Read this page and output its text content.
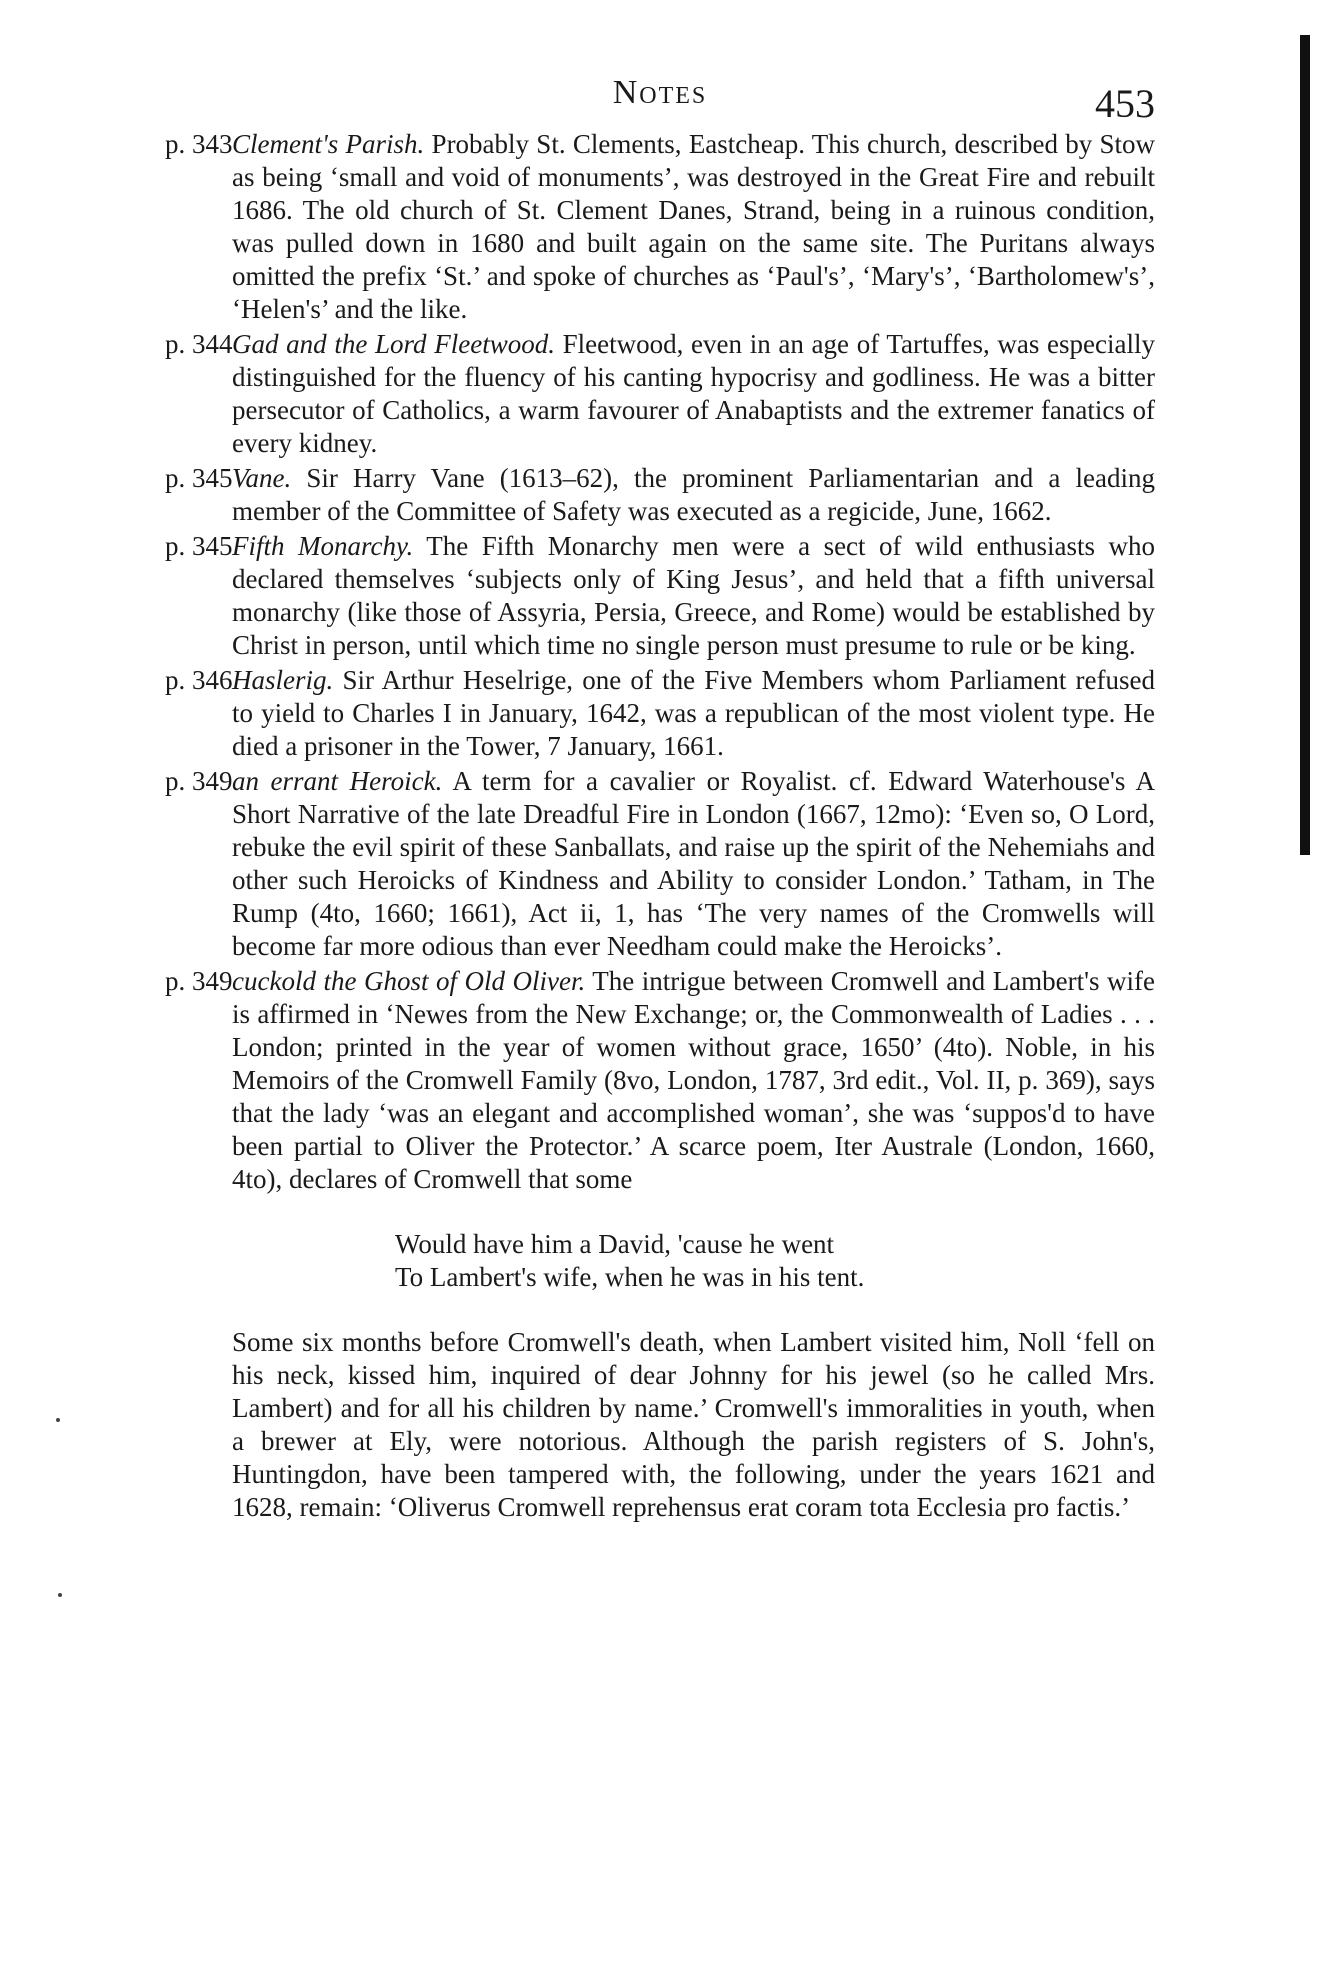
Notes	453
p. 343 Clement's Parish. Probably St. Clements, Eastcheap. This church, described by Stow as being ‘small and void of monuments’, was destroyed in the Great Fire and rebuilt 1686. The old church of St. Clement Danes, Strand, being in a ruinous condition, was pulled down in 1680 and built again on the same site. The Puritans always omitted the prefix ‘St.’ and spoke of churches as ‘Paul's’, ‘Mary's’, ‘Bartholomew's’, ‘Helen's’ and the like.
p. 344 Gad and the Lord Fleetwood. Fleetwood, even in an age of Tartuffes, was especially distinguished for the fluency of his canting hypocrisy and godliness. He was a bitter persecutor of Catholics, a warm favourer of Anabaptists and the extremer fanatics of every kidney.
p. 345 Vane. Sir Harry Vane (1613–62), the prominent Parliamentarian and a leading member of the Committee of Safety was executed as a regicide, June, 1662.
p. 345 Fifth Monarchy. The Fifth Monarchy men were a sect of wild enthusiasts who declared themselves ‘subjects only of King Jesus’, and held that a fifth universal monarchy (like those of Assyria, Persia, Greece, and Rome) would be established by Christ in person, until which time no single person must presume to rule or be king.
p. 346 Haslerig. Sir Arthur Heselrige, one of the Five Members whom Parliament refused to yield to Charles I in January, 1642, was a republican of the most violent type. He died a prisoner in the Tower, 7 January, 1661.
p. 349 an errant Heroick. A term for a cavalier or Royalist. cf. Edward Waterhouse's A Short Narrative of the late Dreadful Fire in London (1667, 12mo): ‘Even so, O Lord, rebuke the evil spirit of these Sanballats, and raise up the spirit of the Nehemiahs and other such Heroicks of Kindness and Ability to consider London.’ Tatham, in The Rump (4to, 1660; 1661), Act ii, 1, has ‘The very names of the Cromwells will become far more odious than ever Needham could make the Heroicks’.
p. 349 cuckold the Ghost of Old Oliver. The intrigue between Cromwell and Lambert's wife is affirmed in ‘Newes from the New Exchange; or, the Commonwealth of Ladies . . . London; printed in the year of women without grace, 1650’ (4to). Noble, in his Memoirs of the Cromwell Family (8vo, London, 1787, 3rd edit., Vol. II, p. 369), says that the lady ‘was an elegant and accomplished woman’, she was ‘suppos'd to have been partial to Oliver the Protector.’ A scarce poem, Iter Australe (London, 1660, 4to), declares of Cromwell that some
Would have him a David, 'cause he went
To Lambert's wife, when he was in his tent.
Some six months before Cromwell's death, when Lambert visited him, Noll ‘fell on his neck, kissed him, inquired of dear Johnny for his jewel (so he called Mrs. Lambert) and for all his children by name.’ Cromwell's immoralities in youth, when a brewer at Ely, were notorious. Although the parish registers of S. John's, Huntingdon, have been tampered with, the following, under the years 1621 and 1628, remain: ‘Oliverus Cromwell reprehensus erat coram tota Ecclesia pro factis.’
